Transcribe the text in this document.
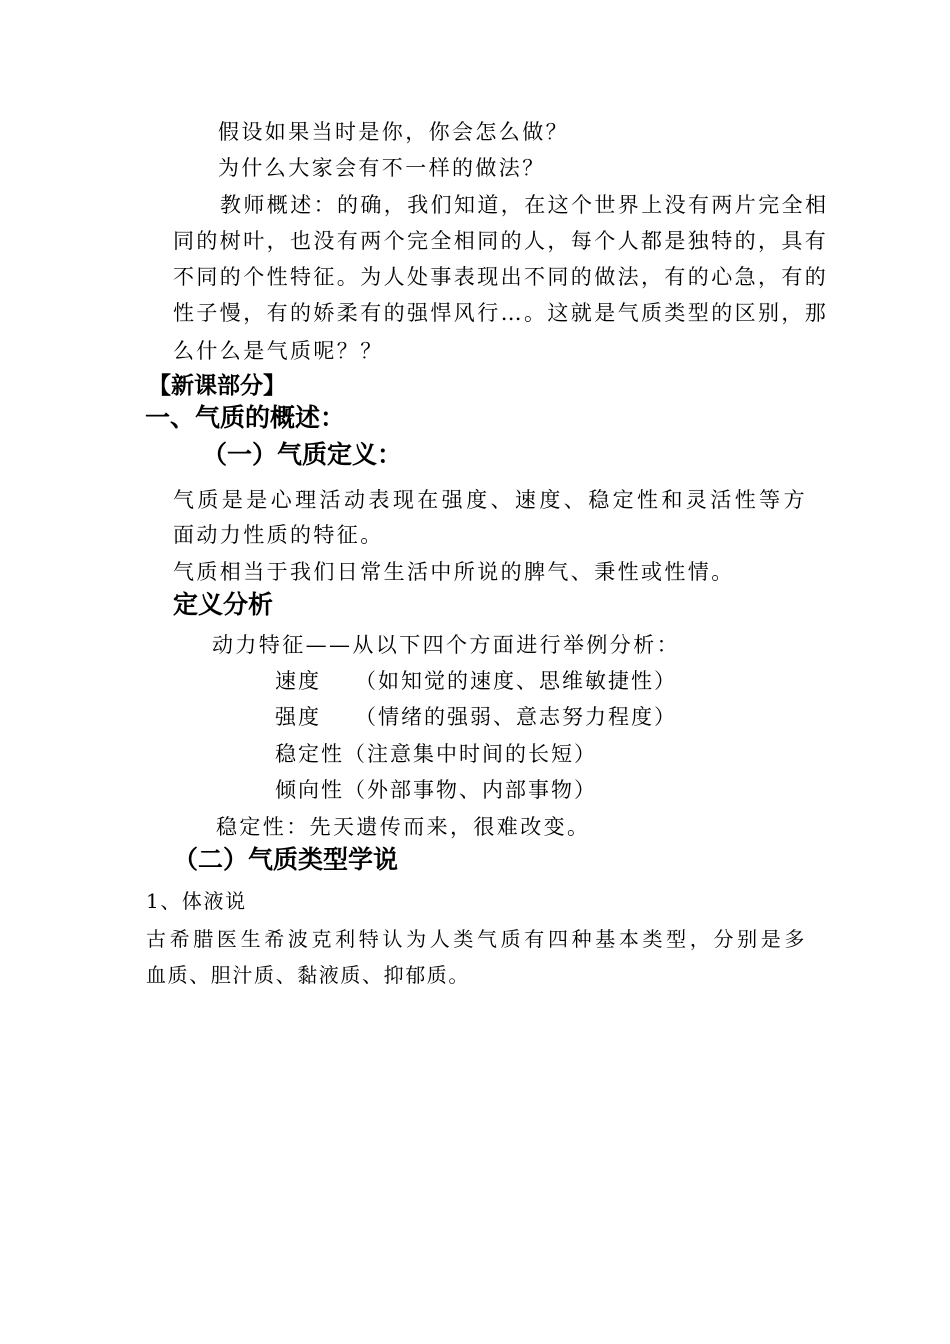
假设如果当时是你，你会怎么做？
为什么大家会有不一样的做法？
教师概述：的确，我们知道，在这个世界上没有两片完全相
同的树叶，也没有两个完全相同的人，每个人都是独特的，具有
不同的个性特征。为人处事表现出不同的做法，有的心急，有的
性子慢，有的娇柔有的强悍风行…。这就是气质类型的区别，那
么什么是气质呢？？
【新课部分】
一、气质的概述：
（一）气质定义：
气质是是心理活动表现在强度、速度、稳定性和灵活性等方
面动力性质的特征。
气质相当于我们日常生活中所说的脾气、秉性或性情。
定义分析
动力特征——从以下四个方面进行举例分析：
速度 （如知觉的速度、思维敏捷性）
强度 （情绪的强弱、意志努力程度）
稳定性（注意集中时间的长短）
倾向性（外部事物、内部事物）
稳定性：先天遗传而来，很难改变。
（二）气质类型学说
1、体液说
古希腊医生希波克利特认为人类气质有四种基本类型，分别是多
血质、胆汁质、黏液质、抑郁质。
